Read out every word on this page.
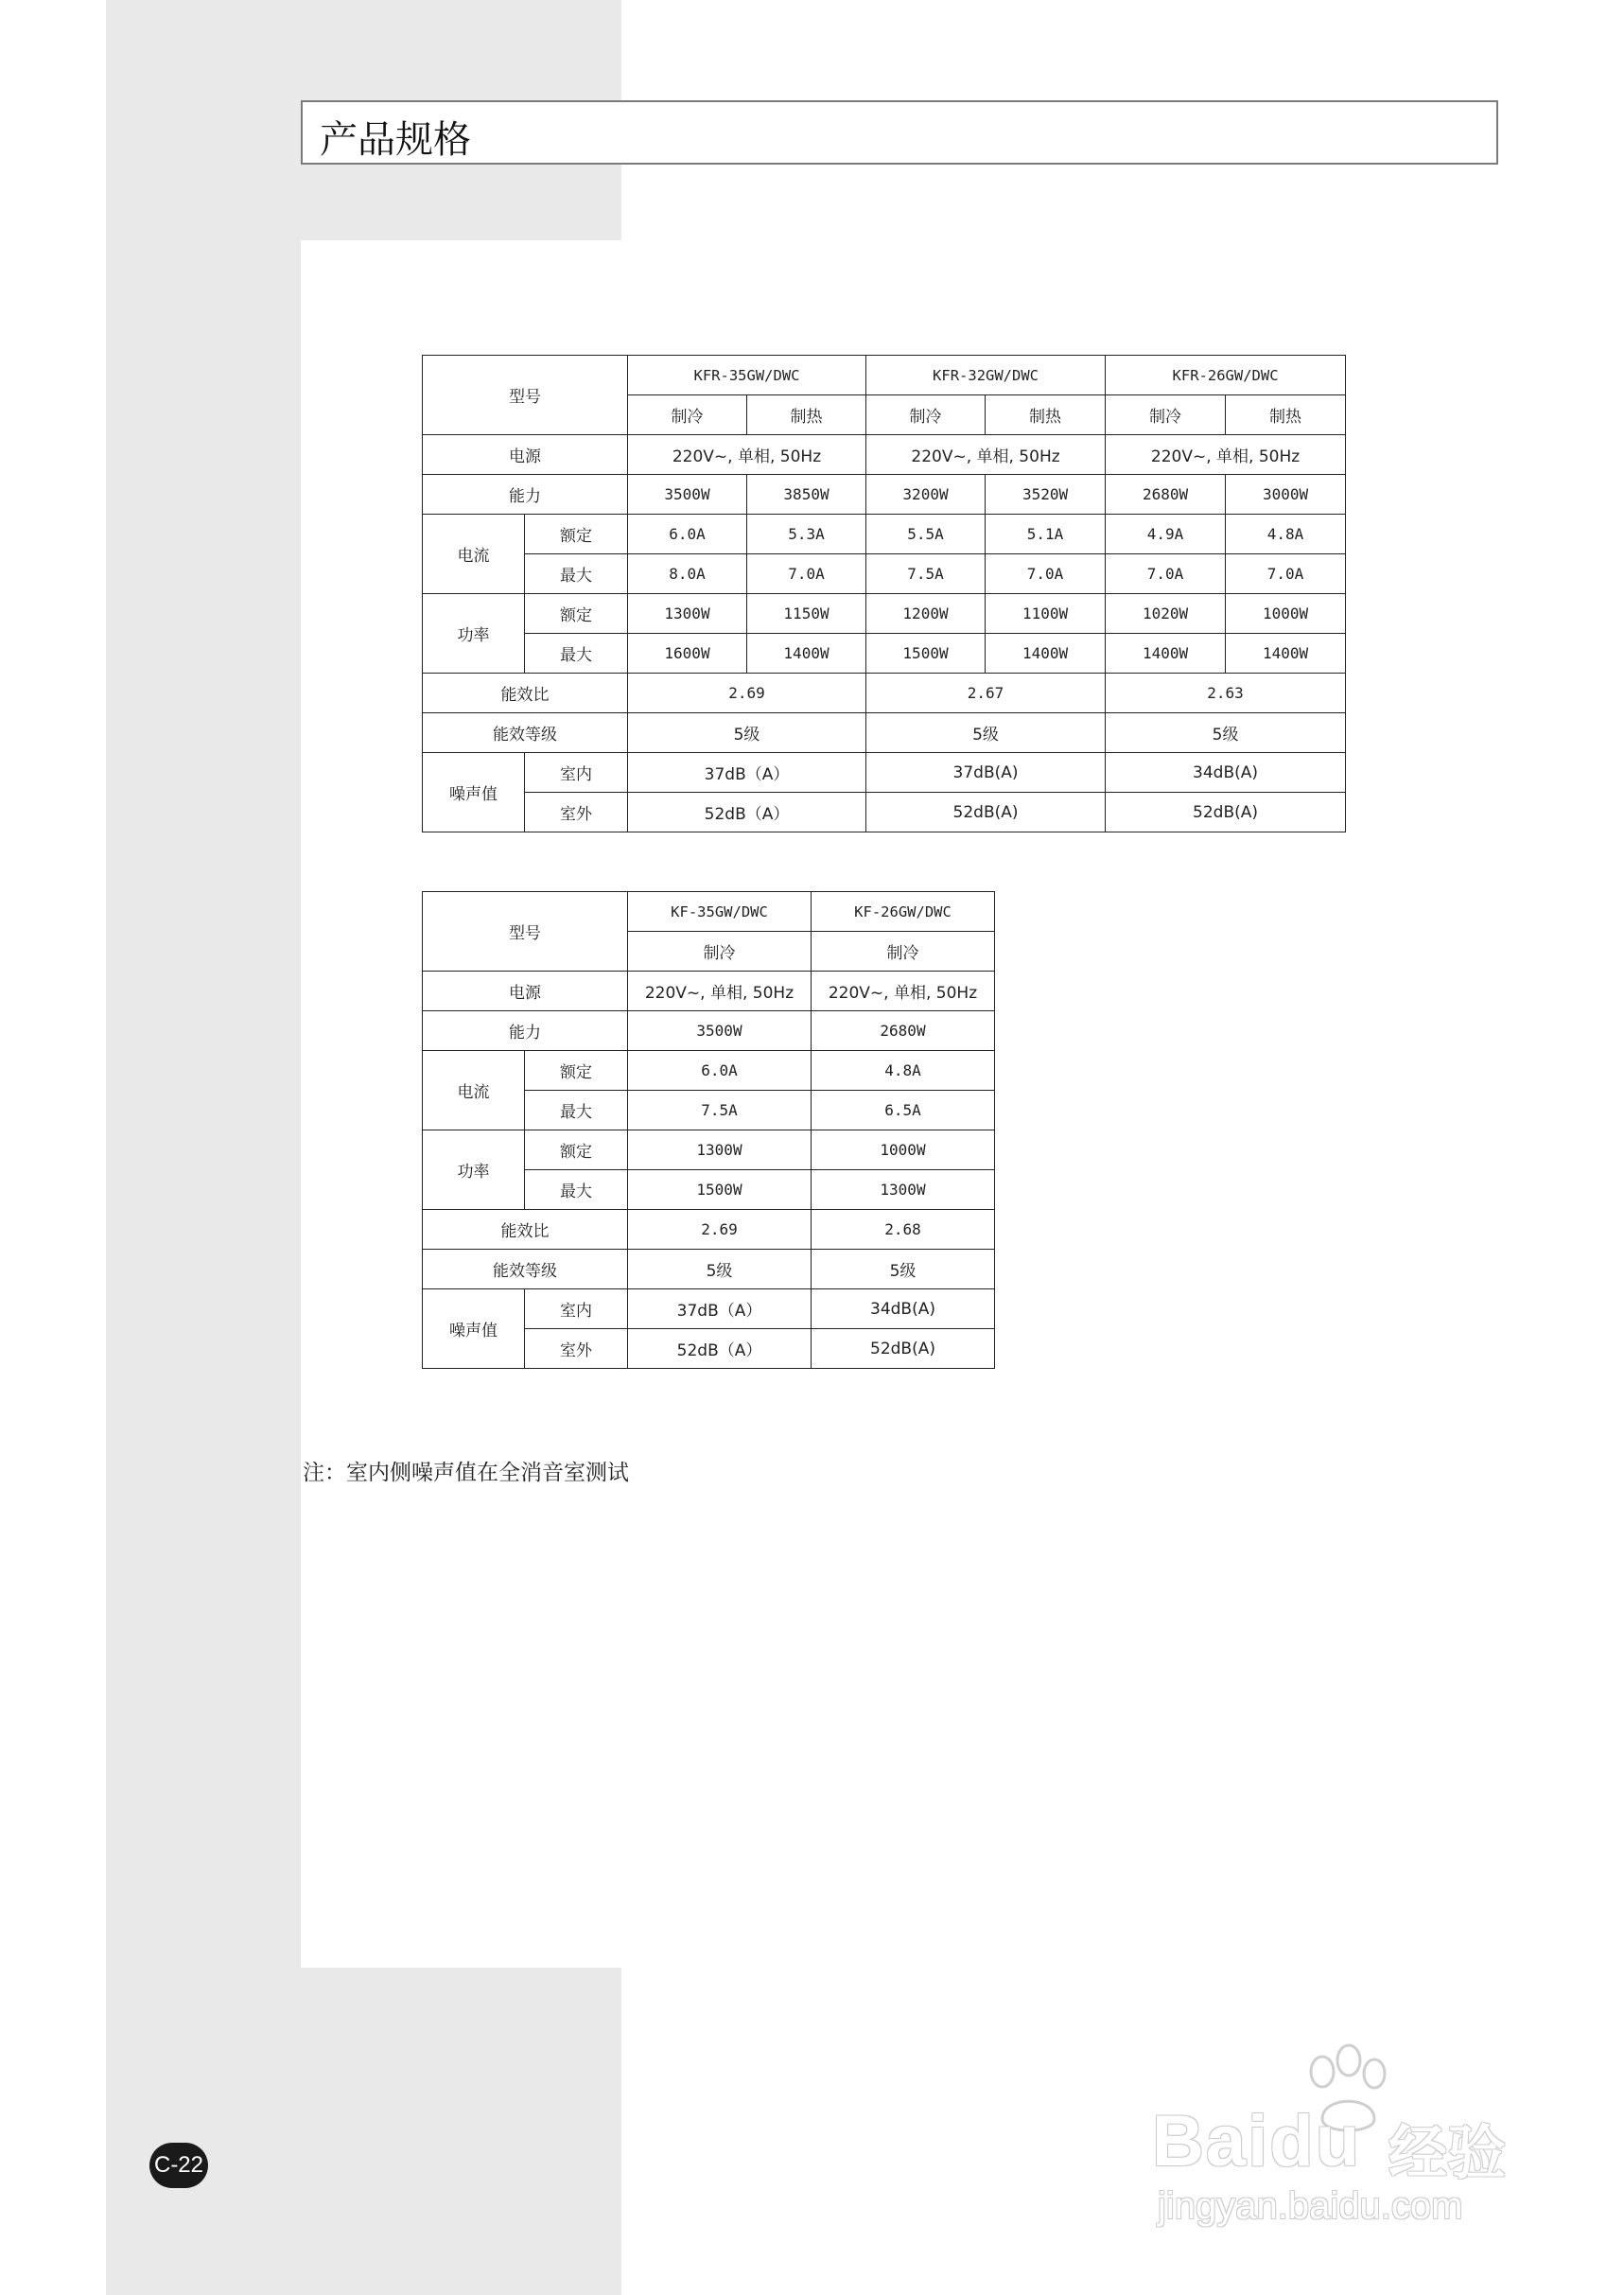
产品规格
型号		KFR-35GW/DWC		KFR-32GW/DWC		KFR-26GW/DWC	
		制冷	制热	制冷	制热	制冷	制热
电源		220V~, 单相, 50Hz		220V~, 单相, 50Hz		220V~, 单相, 50Hz	
能力		3500W	3850W	3200W	3520W	2680W	3000W
电流	额定	6.0A	5.3A	5.5A	5.1A	4.9A	4.8A
	最大	8.0A	7.0A	7.5A	7.0A	7.0A	7.0A
功率	额定	1300W	1150W	1200W	1100W	1020W	1000W
	最大	1600W	1400W	1500W	1400W	1400W	1400W
能效比		2.69		2.67		2.63	
能效等级		5级		5级		5级	
噪声值	室内	37dB（A）		37dB(A)		34dB(A)	
	室外	52dB（A）		52dB(A)		52dB(A)	
型号		KF-35GW/DWC	KF-26GW/DWC
		制冷	制冷
电源		220V~, 单相, 50Hz	220V~, 单相, 50Hz
能力		3500W	2680W
电流	额定	6.0A	4.8A
	最大	7.5A	6.5A
功率	额定	1300W	1000W
	最大	1500W	1300W
能效比		2.69	2.68
能效等级		5级	5级
噪声值	室内	37dB（A）	34dB(A)
	室外	52dB（A）	52dB(A)
注：室内侧噪声值在全消音室测试
C-22	Baidu 经验
jingyan.baidu.com
